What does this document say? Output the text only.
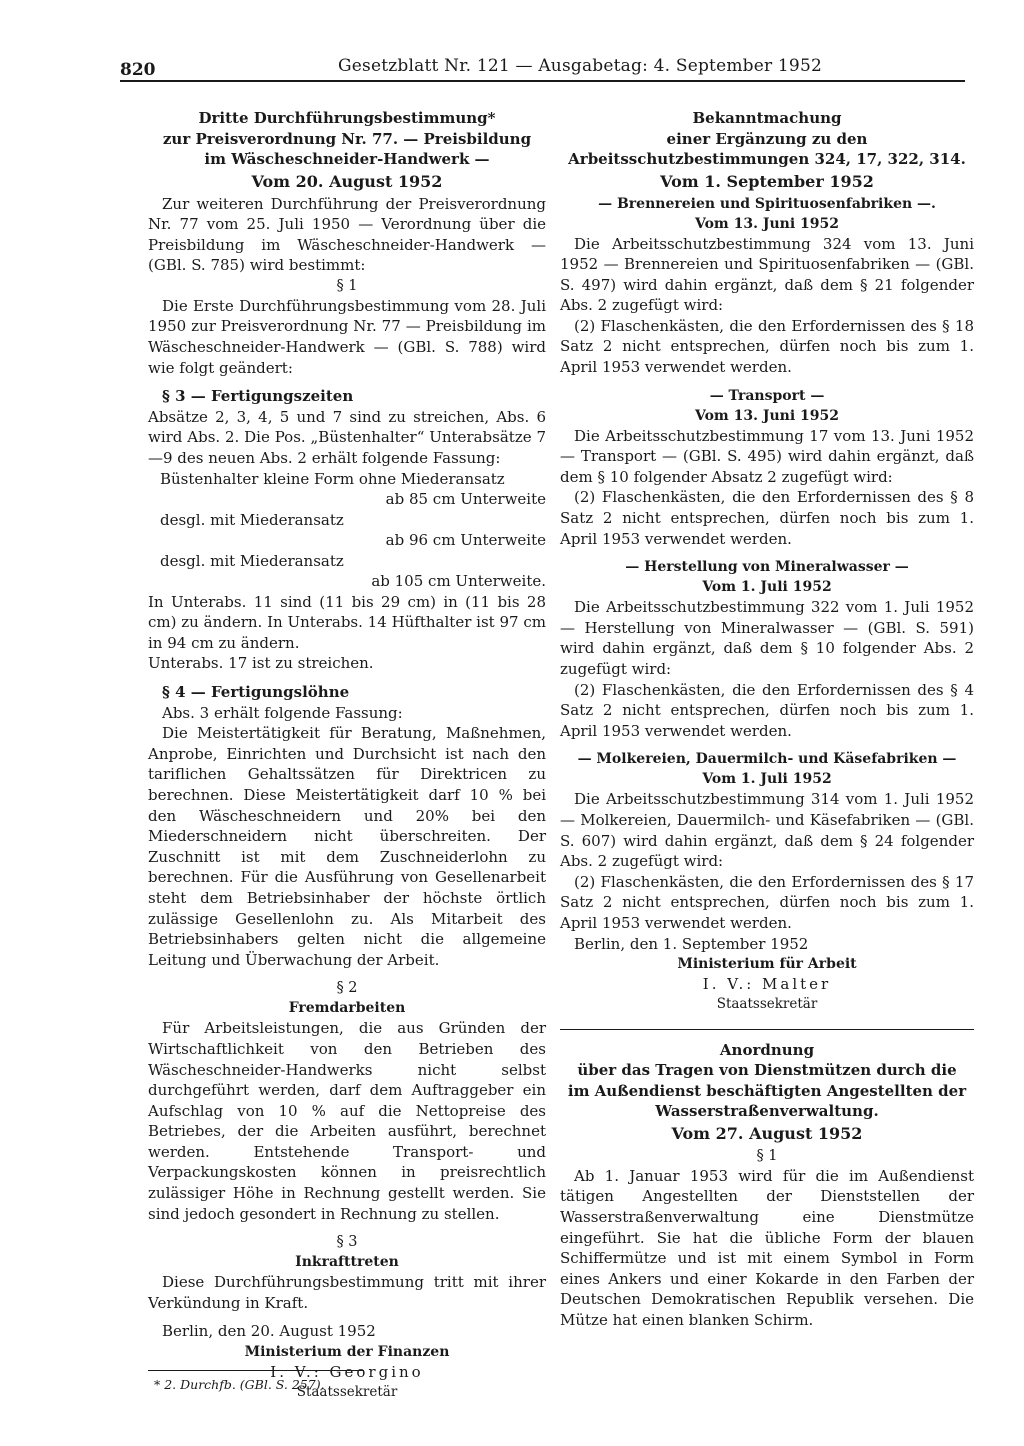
820	Gesetzblatt Nr. 121 — Ausgabetag: 4. September 1952
Dritte Durchführungsbestimmung*
zur Preisverordnung Nr. 77. — Preisbildung
im Wäscheschneider-Handwerk —
Vom 20. August 1952

Zur weiteren Durchführung der Preisverordnung Nr. 77 vom 25. Juli 1950 — Verordnung über die Preisbildung im Wäscheschneider-Handwerk — (GBl. S. 785) wird bestimmt:

§ 1

Die Erste Durchführungsbestimmung vom 28. Juli 1950 zur Preisverordnung Nr. 77 — Preisbildung im Wäscheschneider-Handwerk — (GBl. S. 788) wird wie folgt geändert:

§ 3 — Fertigungszeiten

Absätze 2, 3, 4, 5 und 7 sind zu streichen, Abs. 6 wird Abs. 2. Die Pos. „Büstenhalter“ Unterabsätze 7—9 des neuen Abs. 2 erhält folgende Fassung:

Büstenhalter kleine Form ohne Miederansatz
ab 85 cm Unterweite
desgl. mit Miederansatz
ab 96 cm Unterweite
desgl. mit Miederansatz
ab 105 cm Unterweite.

In Unterabs. 11 sind (11 bis 29 cm) in (11 bis 28 cm) zu ändern. In Unterabs. 14 Hüfthalter ist 97 cm in 94 cm zu ändern.

Unterabs. 17 ist zu streichen.

§ 4 — Fertigungslöhne

Abs. 3 erhält folgende Fassung:

Die Meistertätigkeit für Beratung, Maßnehmen, Anprobe, Einrichten und Durchsicht ist nach den tariflichen Gehaltssätzen für Direktricen zu berechnen. Diese Meistertätigkeit darf 10 % bei den Wäscheschneidern und 20% bei den Miederschneidern nicht überschreiten. Der Zuschnitt ist mit dem Zuschneiderlohn zu berechnen. Für die Ausführung von Gesellenarbeit steht dem Betriebsinhaber der höchste örtlich zulässige Gesellenlohn zu. Als Mitarbeit des Betriebsinhabers gelten nicht die allgemeine Leitung und Überwachung der Arbeit.

§ 2
Fremdarbeiten

Für Arbeitsleistungen, die aus Gründen der Wirtschaftlichkeit von den Betrieben des Wäscheschneider-Handwerks nicht selbst durchgeführt werden, darf dem Auftraggeber ein Aufschlag von 10 % auf die Nettopreise des Betriebes, der die Arbeiten ausführt, berechnet werden. Entstehende Transport- und Verpackungskosten können in preisrechtlich zulässiger Höhe in Rechnung gestellt werden. Sie sind jedoch gesondert in Rechnung zu stellen.

§ 3
Inkrafttreten

Diese Durchführungsbestimmung tritt mit ihrer Verkündung in Kraft.

Berlin, den 20. August 1952

Ministerium der Finanzen
I. V.: Georgino
Staatssekretär
* 2. Durchfb. (GBl. S. 257).
Bekanntmachung
einer Ergänzung zu den
Arbeitsschutzbestimmungen 324, 17, 322, 314.
Vom 1. September 1952
— Brennereien und Spirituosenfabriken —.
Vom 13. Juni 1952

Die Arbeitsschutzbestimmung 324 vom 13. Juni 1952 — Brennereien und Spirituosenfabriken — (GBl. S. 497) wird dahin ergänzt, daß dem § 21 folgender Abs. 2 zugefügt wird:

(2) Flaschenkästen, die den Erfordernissen des § 18 Satz 2 nicht entsprechen, dürfen noch bis zum 1. April 1953 verwendet werden.

— Transport —
Vom 13. Juni 1952

Die Arbeitsschutzbestimmung 17 vom 13. Juni 1952 — Transport — (GBl. S. 495) wird dahin ergänzt, daß dem § 10 folgender Absatz 2 zugefügt wird:

(2) Flaschenkästen, die den Erfordernissen des § 8 Satz 2 nicht entsprechen, dürfen noch bis zum 1. April 1953 verwendet werden.

— Herstellung von Mineralwasser —
Vom 1. Juli 1952

Die Arbeitsschutzbestimmung 322 vom 1. Juli 1952 — Herstellung von Mineralwasser — (GBl. S. 591) wird dahin ergänzt, daß dem § 10 folgender Abs. 2 zugefügt wird:

(2) Flaschenkästen, die den Erfordernissen des § 4 Satz 2 nicht entsprechen, dürfen noch bis zum 1. April 1953 verwendet werden.

— Molkereien, Dauermilch- und Käsefabriken —
Vom 1. Juli 1952

Die Arbeitsschutzbestimmung 314 vom 1. Juli 1952 — Molkereien, Dauermilch- und Käsefabriken — (GBl. S. 607) wird dahin ergänzt, daß dem § 24 folgender Abs. 2 zugefügt wird:

(2) Flaschenkästen, die den Erfordernissen des § 17 Satz 2 nicht entsprechen, dürfen noch bis zum 1. April 1953 verwendet werden.

Berlin, den 1. September 1952

Ministerium für Arbeit
I. V.: Malter
Staatssekretär
Anordnung
über das Tragen von Dienstmützen durch die
im Außendienst beschäftigten Angestellten der
Wasserstraßenverwaltung.
Vom 27. August 1952
§ 1

Ab 1. Januar 1953 wird für die im Außendienst tätigen Angestellten der Dienststellen der Wasserstraßenverwaltung eine Dienstmütze eingeführt. Sie hat die übliche Form der blauen Schiffermütze und ist mit einem Symbol in Form eines Ankers und einer Kokarde in den Farben der Deutschen Demokratischen Republik versehen. Die Mütze hat einen blanken Schirm.
